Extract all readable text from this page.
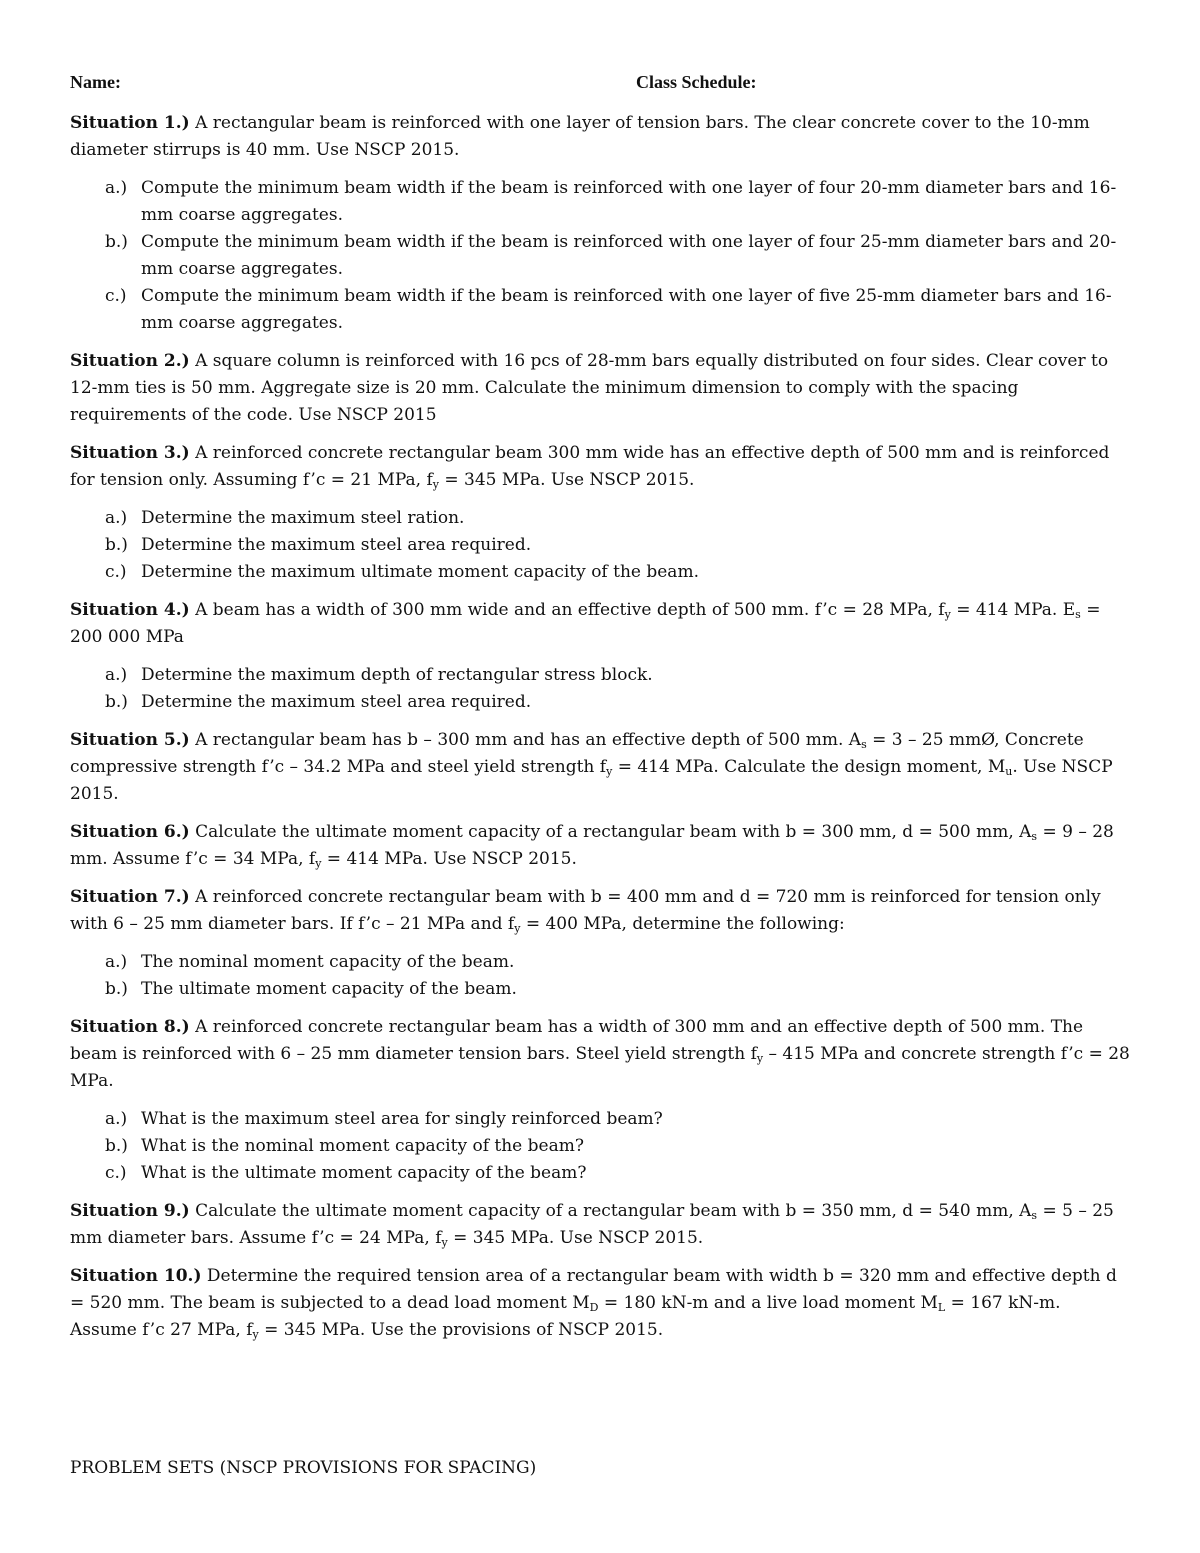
Name:	Class Schedule:

Situation 1.) A rectangular beam is reinforced with one layer of tension bars. The clear concrete cover to the 10-mm diameter stirrups is 40 mm. Use NSCP 2015.

a.) Compute the minimum beam width if the beam is reinforced with one layer of four 20-mm diameter bars and 16-mm coarse aggregates.
b.) Compute the minimum beam width if the beam is reinforced with one layer of four 25-mm diameter bars and 20-mm coarse aggregates.
c.) Compute the minimum beam width if the beam is reinforced with one layer of five 25-mm diameter bars and 16-mm coarse aggregates.

Situation 2.) A square column is reinforced with 16 pcs of 28-mm bars equally distributed on four sides. Clear cover to 12-mm ties is 50 mm. Aggregate size is 20 mm. Calculate the minimum dimension to comply with the spacing requirements of the code. Use NSCP 2015

Situation 3.) A reinforced concrete rectangular beam 300 mm wide has an effective depth of 500 mm and is reinforced for tension only. Assuming f’c = 21 MPa, $f_y = 345$ MPa. Use NSCP 2015.

a.) Determine the maximum steel ration.
b.) Determine the maximum steel area required.
c.) Determine the maximum ultimate moment capacity of the beam.

Situation 4.) A beam has a width of 300 mm wide and an effective depth of 500 mm. f’c = 28 MPa, $f_y = 414$ MPa. $E_s = 200$ 000 MPa

a.) Determine the maximum depth of rectangular stress block.
b.) Determine the maximum steel area required.

Situation 5.) A rectangular beam has b – 300 mm and has an effective depth of 500 mm. $A_s = 3 - 25$ mmØ, Concrete compressive strength f’c – 34.2 MPa and steel yield strength $f_y = 414$ MPa. Calculate the design moment, $M_u$. Use NSCP 2015.

Situation 6.) Calculate the ultimate moment capacity of a rectangular beam with b = 300 mm, d = 500 mm, $A_s = 9 - 28$ mm. Assume f’c = 34 MPa, $f_y = 414$ MPa. Use NSCP 2015.

Situation 7.) A reinforced concrete rectangular beam with b = 400 mm and d = 720 mm is reinforced for tension only with 6 – 25 mm diameter bars. If f’c – 21 MPa and $f_y = 400$ MPa, determine the following:

a.) The nominal moment capacity of the beam.
b.) The ultimate moment capacity of the beam.

Situation 8.) A reinforced concrete rectangular beam has a width of 300 mm and an effective depth of 500 mm. The beam is reinforced with 6 – 25 mm diameter tension bars. Steel yield strength $f_y - 415$ MPa and concrete strength f’c = 28 MPa.

a.) What is the maximum steel area for singly reinforced beam?
b.) What is the nominal moment capacity of the beam?
c.) What is the ultimate moment capacity of the beam?

Situation 9.) Calculate the ultimate moment capacity of a rectangular beam with b = 350 mm, d = 540 mm, $A_s = 5 - 25$ mm diameter bars. Assume f’c = 24 MPa, $f_y = 345$ MPa. Use NSCP 2015.

Situation 10.) Determine the required tension area of a rectangular beam with width b = 320 mm and effective depth d = 520 mm. The beam is subjected to a dead load moment $M_D = 180$ kN-m and a live load moment $M_L = 167$ kN-m. Assume f’c 27 MPa, $f_y = 345$ MPa. Use the provisions of NSCP 2015.

PROBLEM SETS (NSCP PROVISIONS FOR SPACING)
